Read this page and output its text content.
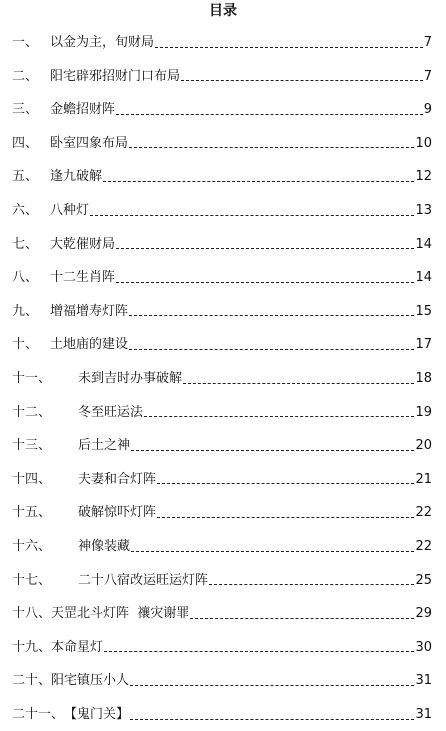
目录
一、 以金为主，旬财局	7
二、 阳宅辟邪招财门口布局	7
三、 金蟾招财阵	9
四、 卧室四象布局	10
五、 逢九破解	12
六、 八种灯	13
七、 大乾催财局	14
八、 十二生肖阵	14
九、 增福增寿灯阵	15
十、 土地庙的建设	17
十一、	未到吉时办事破解	18
十二、	冬至旺运法	19
十三、	后土之神	20
十四、	夫妻和合灯阵	21
十五、	破解惊吓灯阵	22
十六、	神像装藏	22
十七、	二十八宿改运旺运灯阵	25
十八、 天罡北斗灯阵  禳灾谢罪	29
十九、 本命星灯	30
二十、 阳宅镇压小人	31
二十一、 【鬼门关】	31
